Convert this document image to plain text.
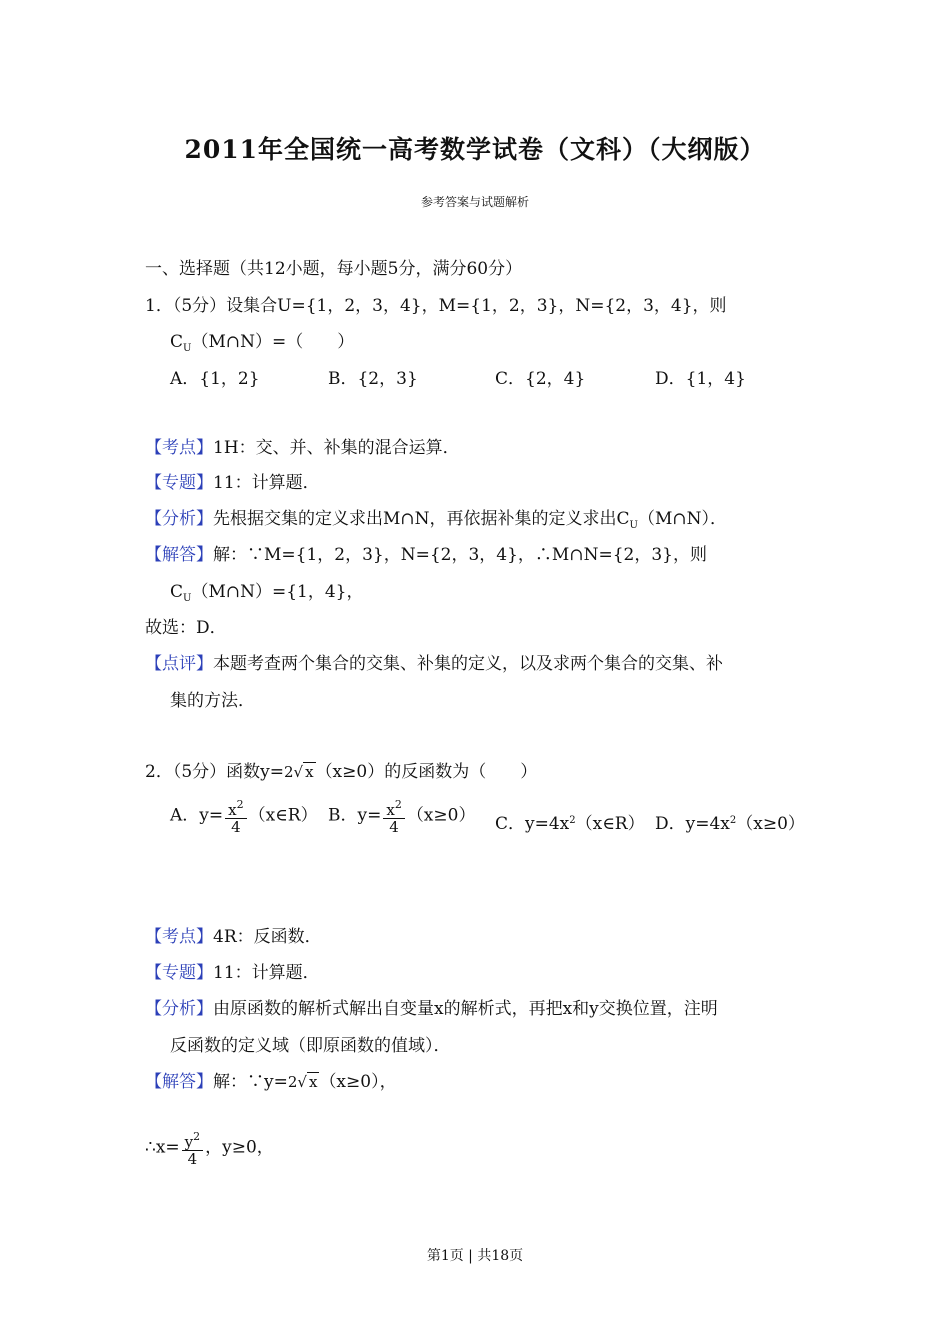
2011年全国统一高考数学试卷（文科）（大纲版）
参考答案与试题解析
一、选择题（共12小题，每小题5分，满分60分）
1．（5分）设集合U={1，2，3，4}，M={1，2，3}，N={2，3，4}，则
$C_U(M\cap N)=$（　　）
A．{1，2}	B．{2，3}	C．{2，4}	D．{1，4}
【考点】1H：交、并、补集的混合运算．
【专题】11：计算题．
【分析】先根据交集的定义求出M∩N，再依据补集的定义求出$C_U(M\cap N)$．
【解答】解：∵M={1，2，3}，N={2，3，4}，∴M∩N={2，3}，则
$C_U(M\cap N)=\{1$，4}，
故选：D．
【点评】本题考查两个集合的交集、补集的定义，以及求两个集合的交集、补
集的方法．
2．（5分）函数y=2√ x （x≥0）的反函数为（　　）
A．$y= \frac{x^2}{4}$ （x∈R） B．$y= \frac{x^2}{4} (x\ge 0)$ C．$y=4x^2(x\in R)$ D．$y=4x^2(x\ge 0)$
【考点】4R：反函数．
【专题】11：计算题．
【分析】由原函数的解析式解出自变量x的解析式，再把x和y交换位置，注明
反函数的定义域（即原函数的值域）．
【解答】解：∵y=2√ x （x≥0），
∴x= $\frac{y^2}{4}$ ，y≥0，
第1页 | 共18页
